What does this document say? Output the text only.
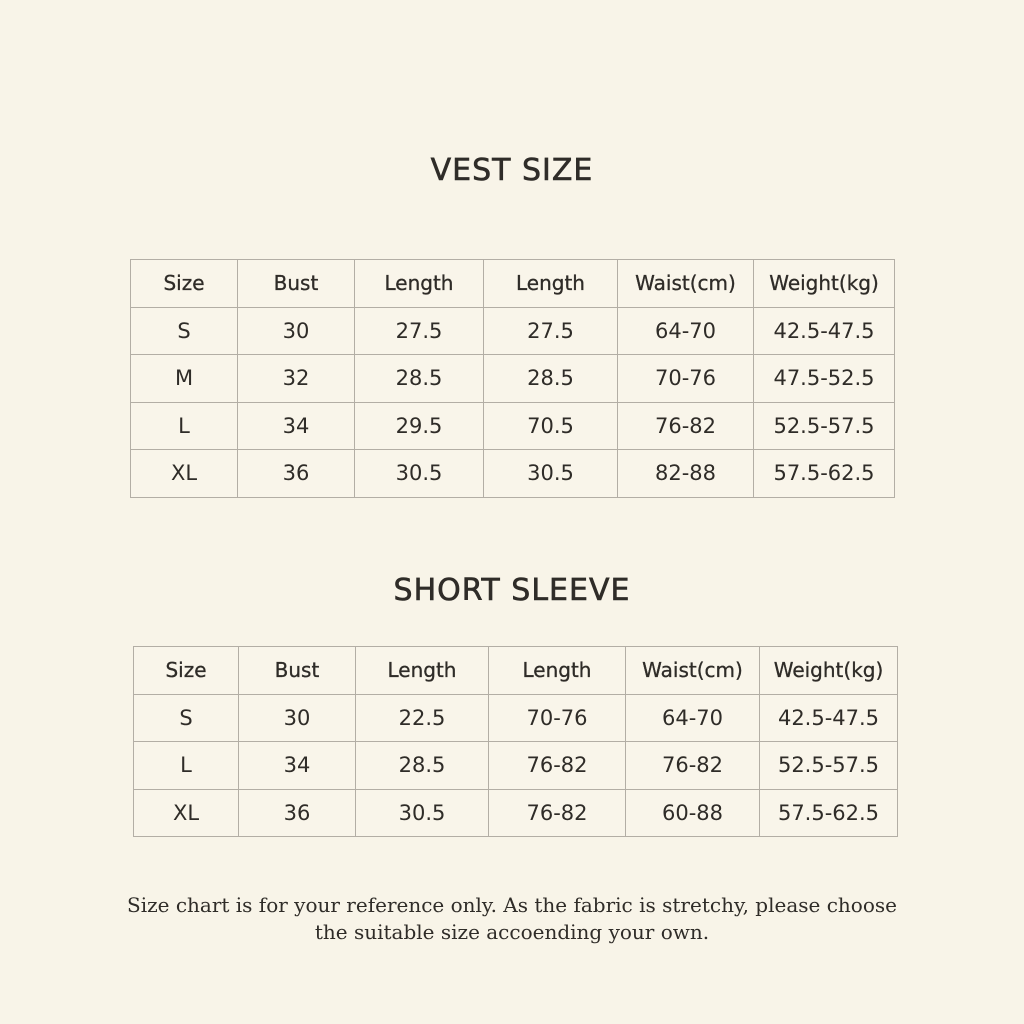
VEST SIZE
Size	Bust	Length	Length	Waist(cm)	Weight(kg)
S	30	27.5	27.5	64-70	42.5-47.5
M	32	28.5	28.5	70-76	47.5-52.5
L	34	29.5	70.5	76-82	52.5-57.5
XL	36	30.5	30.5	82-88	57.5-62.5
SHORT SLEEVE
Size	Bust	Length	Length	Waist(cm)	Weight(kg)
S	30	22.5	70-76	64-70	42.5-47.5
L	34	28.5	76-82	76-82	52.5-57.5
XL	36	30.5	76-82	60-88	57.5-62.5

Size chart is for your reference only. As the fabric is stretchy, please choose
the suitable size accoending your own.
